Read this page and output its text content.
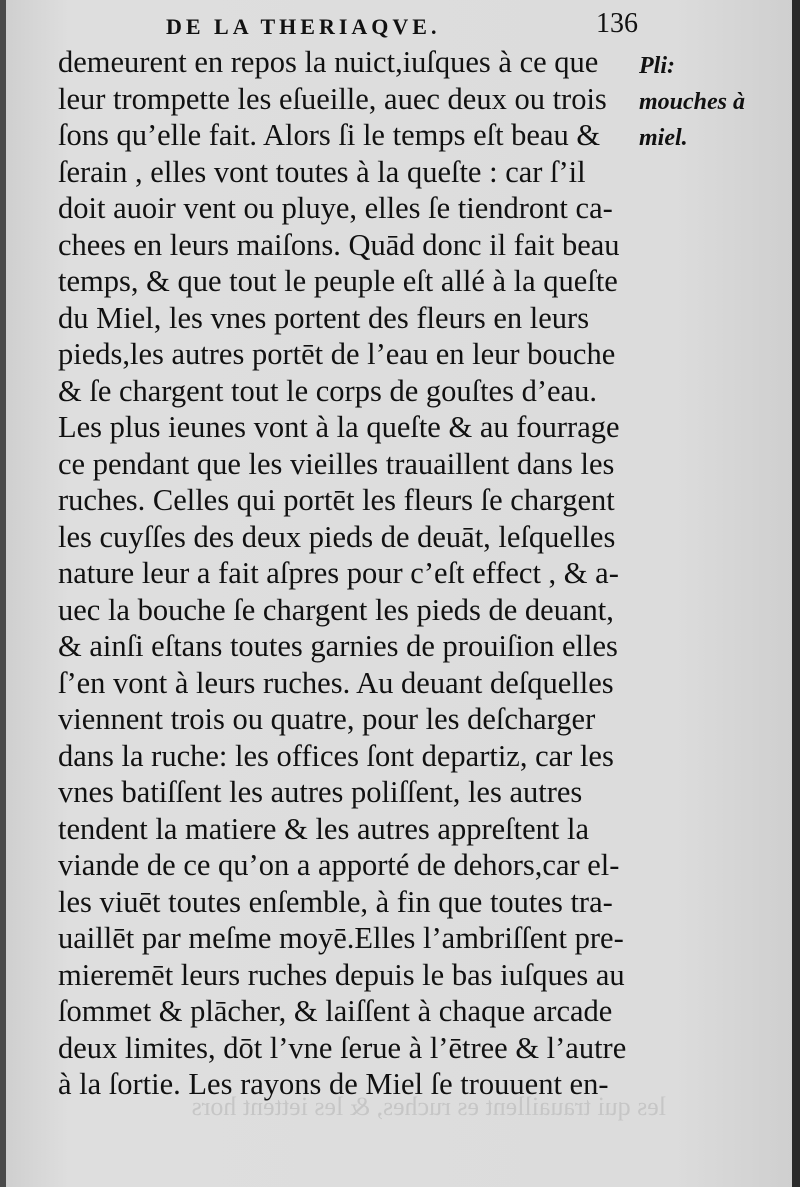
DE LA THERIAQVE.	136
demeurent en repos la nuict,iuſques à ce que
leur trompette les eſueille, auec deux ou trois
ſons qu’elle fait. Alors ſi le temps eſt beau &
ſerain , elles vont toutes à la queſte : car ſ’il
doit auoir vent ou pluye, elles ſe tiendront ca-
chees en leurs maiſons. Quād donc il fait beau
temps, & que tout le peuple eſt allé à la queſte
du Miel, les vnes portent des fleurs en leurs
pieds,les autres portēt de l’eau en leur bouche
& ſe chargent tout le corps de gouſtes d’eau.
Les plus ieunes vont à la queſte & au fourrage
ce pendant que les vieilles trauaillent dans les
ruches. Celles qui portēt les fleurs ſe chargent
les cuyſſes des deux pieds de deuāt, leſquelles
nature leur a fait aſpres pour c’eſt effect , & a-
uec la bouche ſe chargent les pieds de deuant,
& ainſi eſtans toutes garnies de prouiſion elles
ſ’en vont à leurs ruches. Au deuant deſquelles
viennent trois ou quatre, pour les deſcharger
dans la ruche: les offices ſont departiz, car les
vnes batiſſent les autres poliſſent, les autres
tendent la matiere & les autres appreſtent la
viande de ce qu’on a apporté de dehors,car el-
les viuēt toutes enſemble, à fin que toutes tra-
uaillēt par meſme moyē.Elles l’ambriſſent pre-
mieremēt leurs ruches depuis le bas iuſques au
ſommet & plācher, & laiſſent à chaque arcade
deux limites, dōt l’vne ſerue à l’ētree & l’autre
à la ſortie. Les rayons de Miel ſe trouuent en-
Pli:
mouches à
miel.
les qui trauaillent es ruches, & les iettent hors
